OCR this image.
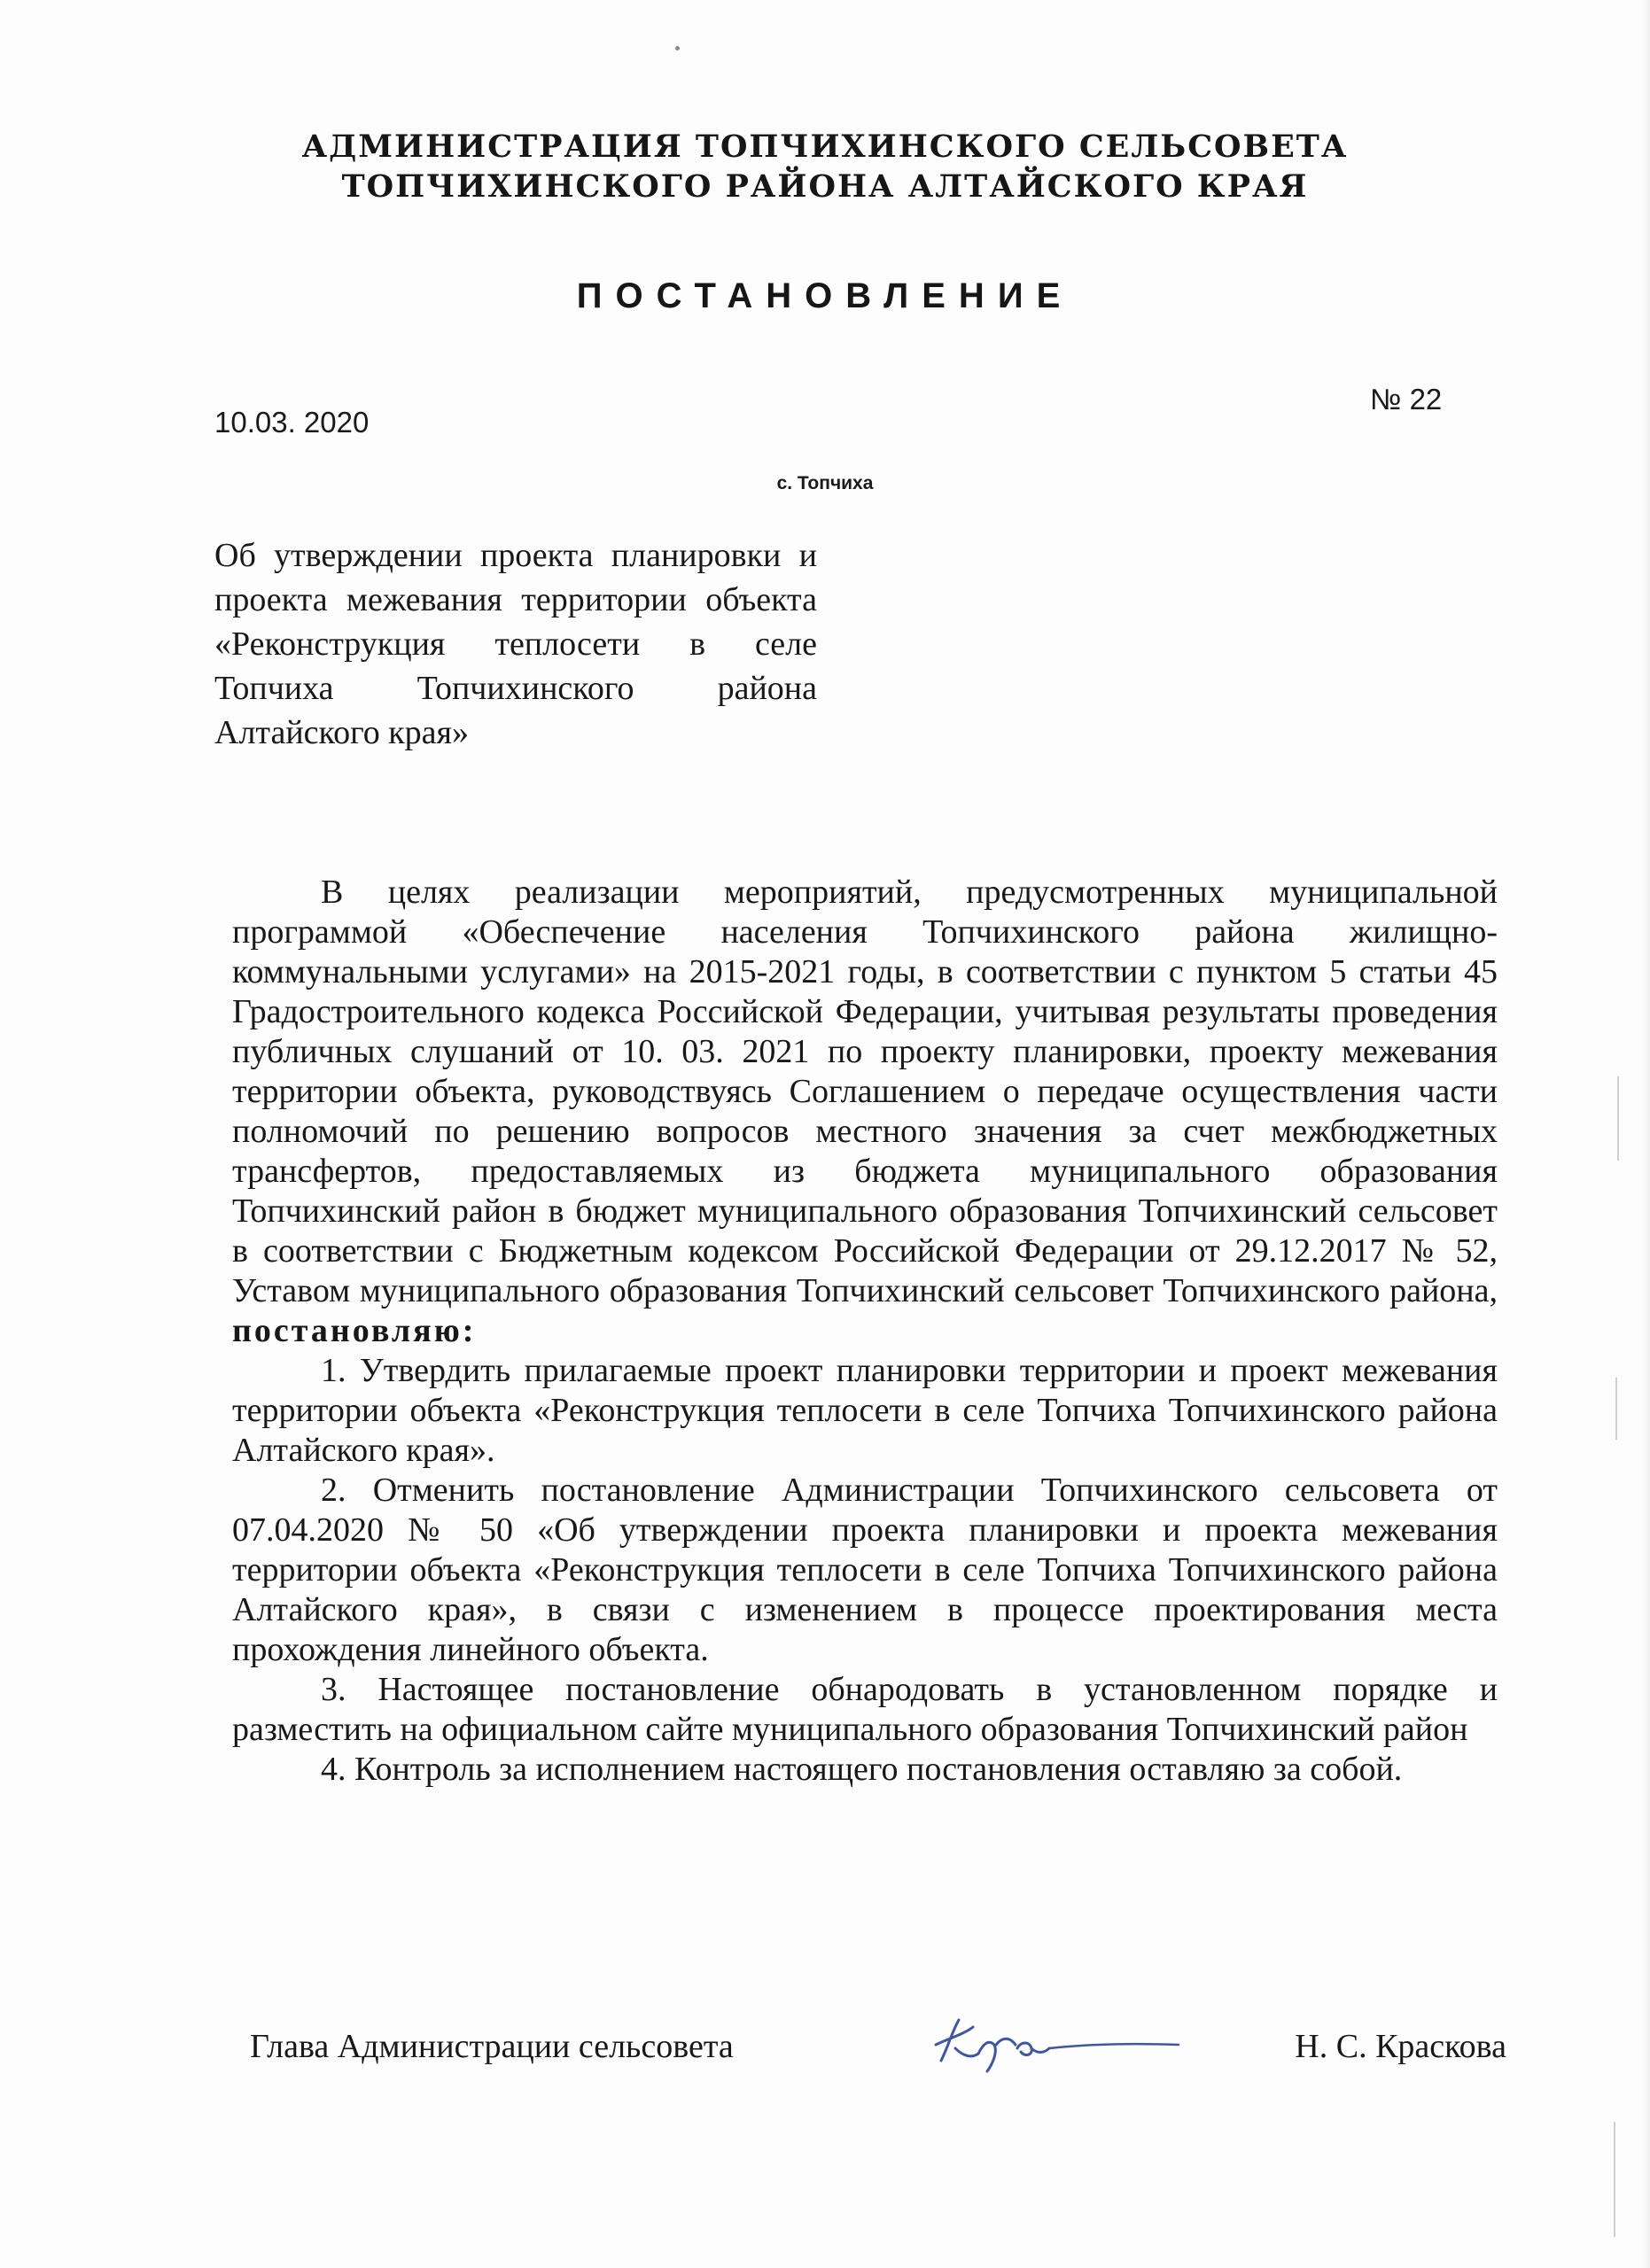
АДМИНИСТРАЦИЯ ТОПЧИХИНСКОГО СЕЛЬСОВЕТА

ТОПЧИХИНСКОГО РАЙОНА АЛТАЙСКОГО КРАЯ

ПОСТАНОВЛЕНИЕ
10.03. 2020
№ 22
с. Топчиха
Об утверждении проекта планировки и проекта межевания территории объекта «Реконструкция теплосети в селе Топчиха Топчихинского района Алтайского края»

В целях реализации мероприятий, предусмотренных муниципальной программой «Обеспечение населения Топчихинского района жилищно-коммунальными услугами» на 2015-2021 годы, в соответствии с пунктом 5 статьи 45 Градостроительного кодекса Российской Федерации, учитывая результаты проведения публичных слушаний от 10. 03. 2021 по проекту планировки, проекту межевания территории объекта, руководствуясь Соглашением о передаче осуществления части полномочий по решению вопросов местного значения за счет межбюджетных трансфертов, предоставляемых из бюджета муниципального образования Топчихинский район в бюджет муниципального образования Топчихинский сельсовет в соответствии с Бюджетным кодексом Российской Федерации от 29.12.2017 № 52, Уставом муниципального образования Топчихинский сельсовет Топчихинского района, постановляю:

1. Утвердить прилагаемые проект планировки территории и проект межевания территории объекта «Реконструкция теплосети в селе Топчиха Топчихинского района Алтайского края».

2. Отменить постановление Администрации Топчихинского сельсовета от 07.04.2020 № 50 «Об утверждении проекта планировки и проекта межевания территории объекта «Реконструкция теплосети в селе Топчиха Топчихинского района Алтайского края», в связи с изменением в процессе проектирования места прохождения линейного объекта.

3. Настоящее постановление обнародовать в установленном порядке и разместить на официальном сайте муниципального образования Топчихинский район

4. Контроль за исполнением настоящего постановления оставляю за собой.

Глава Администрации сельсовета	Н. С. Краскова
